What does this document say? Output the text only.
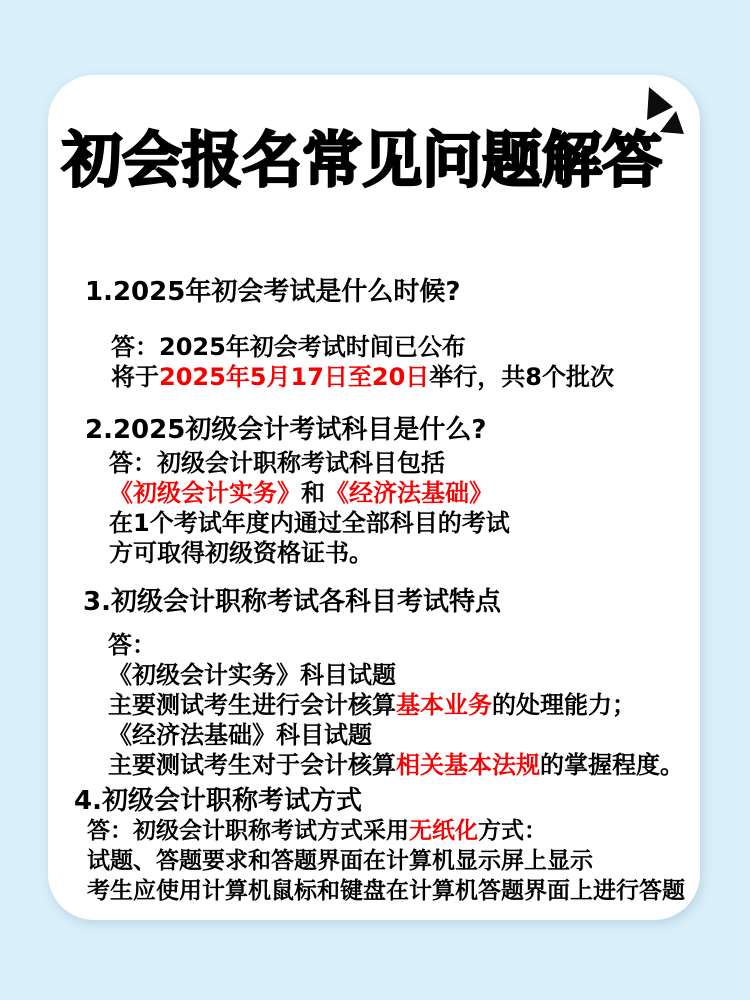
初会报名常见问题解答
1.2025年初会考试是什么时候?

答：2025年初会考试时间已公布

将于2025年5月17日至20日举行，共8个批次

2.2025初级会计考试科目是什么?

答：初级会计职称考试科目包括

《初级会计实务》和《经济法基础》

在1个考试年度内通过全部科目的考试

方可取得初级资格证书。

3.初级会计职称考试各科目考试特点

答：

《初级会计实务》科目试题

主要测试考生进行会计核算基本业务的处理能力；

《经济法基础》科目试题

主要测试考生对于会计核算相关基本法规的掌握程度。

4.初级会计职称考试方式

答：初级会计职称考试方式采用无纸化方式：

试题、答题要求和答题界面在计算机显示屏上显示

考生应使用计算机鼠标和键盘在计算机答题界面上进行答题
